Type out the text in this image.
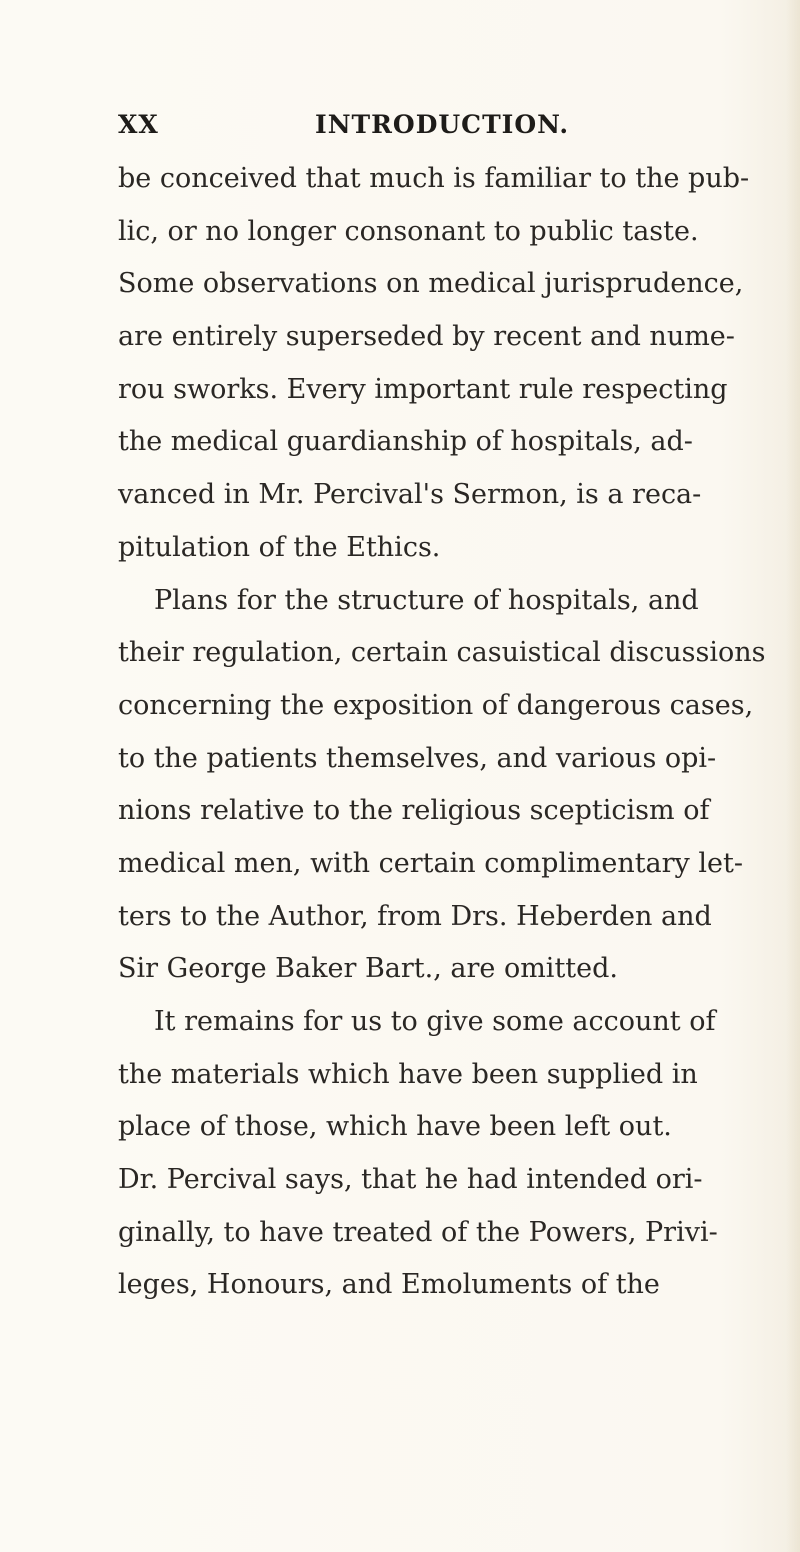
XX	INTRODUCTION.
be conceived that much is familiar to the pub-
lic, or no longer consonant to public taste.
Some observations on medical jurisprudence,
are entirely superseded by recent and nume-
rou sworks. Every important rule respecting
the medical guardianship of hospitals, ad-
vanced in Mr. Percival's Sermon, is a reca-
pitulation of the Ethics.
Plans for the structure of hospitals, and
their regulation, certain casuistical discussions
concerning the exposition of dangerous cases,
to the patients themselves, and various opi-
nions relative to the religious scepticism of
medical men, with certain complimentary let-
ters to the Author, from Drs. Heberden and
Sir George Baker Bart., are omitted.
It remains for us to give some account of
the materials which have been supplied in
place of those, which have been left out.
Dr. Percival says, that he had intended ori-
ginally, to have treated of the Powers, Privi-
leges, Honours, and Emoluments of the
